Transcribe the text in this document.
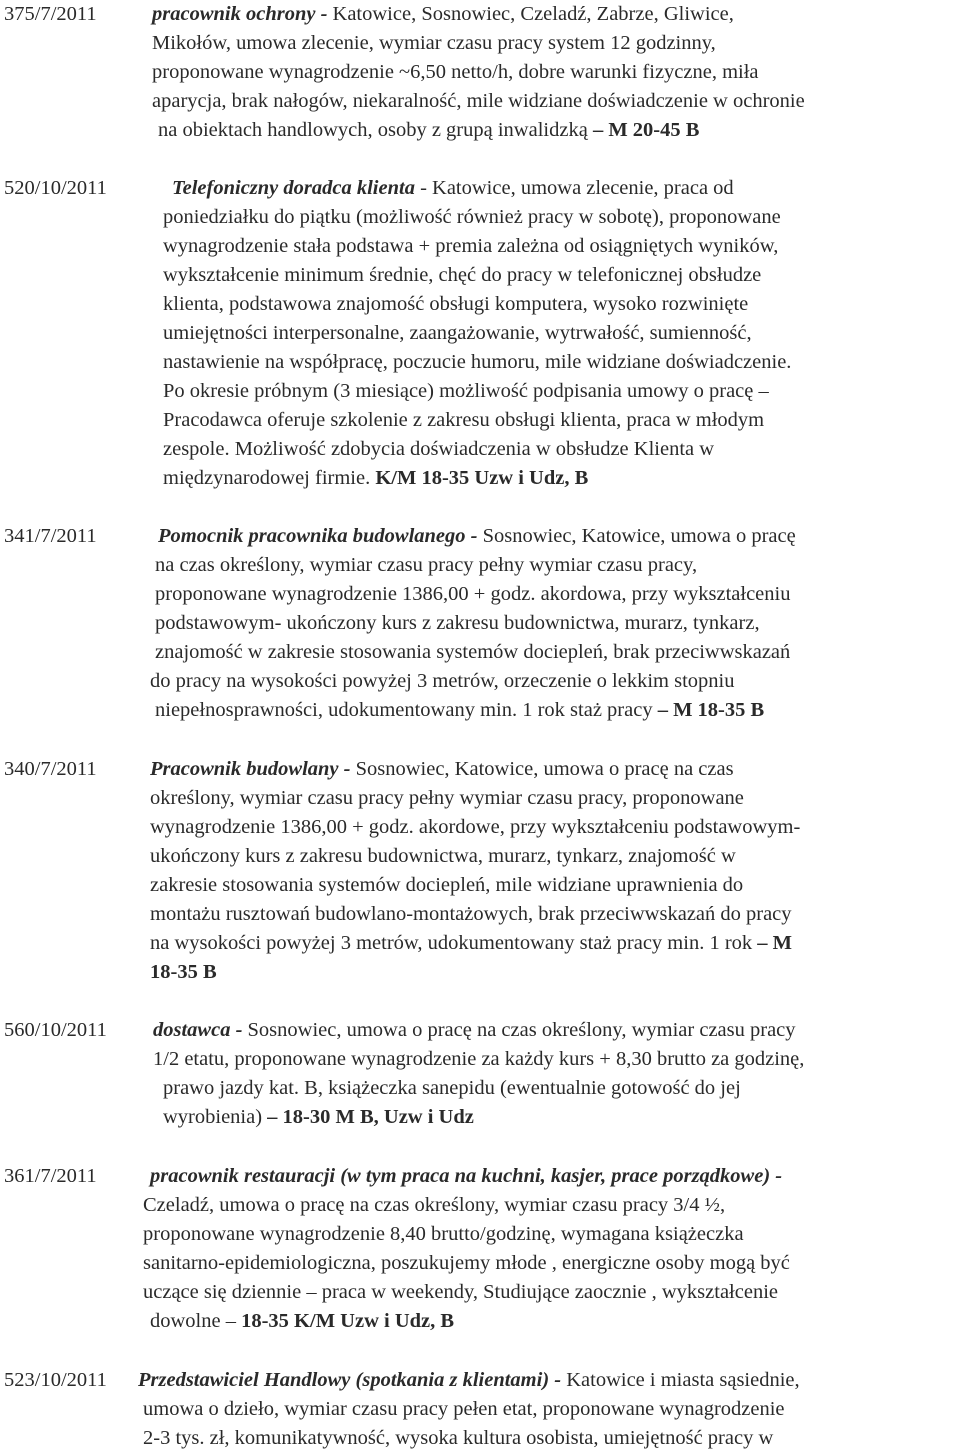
375/7/2011	pracownik ochrony - Katowice, Sosnowiec, Czeladź, Zabrze, Gliwice,
Mikołów, umowa zlecenie, wymiar czasu pracy system 12 godzinny,
proponowane wynagrodzenie ~6,50 netto/h, dobre warunki fizyczne, miła
aparycja, brak nałogów, niekaralność, mile widziane doświadczenie w ochronie
na obiektach handlowych, osoby z grupą inwalidzką – M 20-45 B
520/10/2011	Telefoniczny doradca klienta - Katowice, umowa zlecenie, praca od
poniedziałku do piątku (możliwość również pracy w sobotę), proponowane
wynagrodzenie stała podstawa + premia zależna od osiągniętych wyników,
wykształcenie minimum średnie, chęć do pracy w telefonicznej obsłudze
klienta, podstawowa znajomość obsługi komputera, wysoko rozwinięte
umiejętności interpersonalne, zaangażowanie, wytrwałość, sumienność,
nastawienie na współpracę, poczucie humoru, mile widziane doświadczenie.
Po okresie próbnym (3 miesiące) możliwość podpisania umowy o pracę –
Pracodawca oferuje szkolenie z zakresu obsługi klienta, praca w młodym
zespole. Możliwość zdobycia doświadczenia w obsłudze Klienta w
międzynarodowej firmie. K/M 18-35 Uzw i Udz, B
341/7/2011	Pomocnik pracownika budowlanego - Sosnowiec, Katowice, umowa o pracę
na czas określony, wymiar czasu pracy pełny wymiar czasu pracy,
proponowane wynagrodzenie 1386,00 + godz. akordowa, przy wykształceniu
podstawowym- ukończony kurs z zakresu budownictwa, murarz, tynkarz,
znajomość w zakresie stosowania systemów dociepleń, brak przeciwwskazań
do pracy na wysokości powyżej 3 metrów, orzeczenie o lekkim stopniu
niepełnosprawności, udokumentowany min. 1 rok staż pracy – M 18-35 B
340/7/2011	Pracownik budowlany - Sosnowiec, Katowice, umowa o pracę na czas
określony, wymiar czasu pracy pełny wymiar czasu pracy, proponowane
wynagrodzenie 1386,00 + godz. akordowe, przy wykształceniu podstawowym-
ukończony kurs z zakresu budownictwa, murarz, tynkarz, znajomość w
zakresie stosowania systemów dociepleń, mile widziane uprawnienia do
montażu rusztowań budowlano-montażowych, brak przeciwwskazań do pracy
na wysokości powyżej 3 metrów, udokumentowany staż pracy min. 1 rok – M
18-35 B
560/10/2011 dostawca - Sosnowiec, umowa o pracę na czas określony, wymiar czasu pracy
1/2 etatu, proponowane wynagrodzenie za każdy kurs + 8,30 brutto za godzinę,
prawo jazdy kat. B, książeczka sanepidu (ewentualnie gotowość do jej
wyrobienia) – 18-30 M B, Uzw i Udz
361/7/2011	pracownik restauracji (w tym praca na kuchni, kasjer, prace porządkowe) -
Czeladź, umowa o pracę na czas określony, wymiar czasu pracy 3/4 ½,
proponowane wynagrodzenie 8,40 brutto/godzinę, wymagana książeczka
sanitarno-epidemiologiczna, poszukujemy młode , energiczne osoby mogą być
uczące się dziennie – praca w weekendy, Studiujące zaocznie , wykształcenie
dowolne – 18-35 K/M Uzw i Udz, B
523/10/2011 Przedstawiciel Handlowy (spotkania z klientami) - Katowice i miasta sąsiednie,
umowa o dzieło, wymiar czasu pracy pełen etat, proponowane wynagrodzenie
2-3 tys. zł, komunikatywność, wysoka kultura osobista, umiejętność pracy w
